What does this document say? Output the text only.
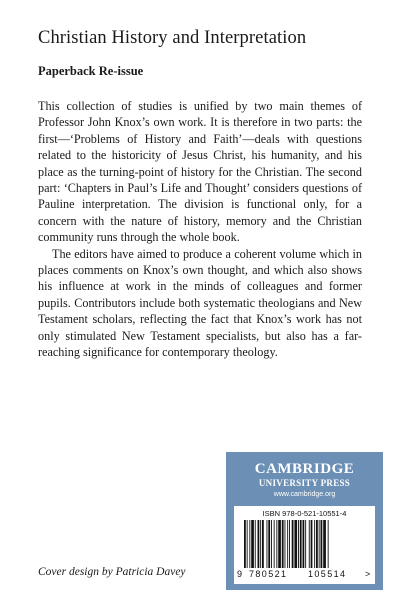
Christian History and Interpretation
Paperback Re-issue

This collection of studies is unified by two main themes of Professor John Knox’s own work. It is therefore in two parts: the first—‘Problems of History and Faith’—deals with questions related to the historicity of Jesus Christ, his humanity, and his place as the turning-point of history for the Christian. The second part: ‘Chapters in Paul’s Life and Thought’ considers questions of Pauline interpretation. The division is functional only, for a concern with the nature of history, memory and the Christian community runs through the whole book.

The editors have aimed to produce a coherent volume which in places comments on Knox’s own thought, and which also shows his influence at work in the minds of colleagues and former pupils. Contributors include both systematic theologians and New Testament scholars, reflecting the fact that Knox’s work has not only stimulated New Testament specialists, but also has a far-reaching significance for contemporary theology.

CAMBRIDGE
UNIVERSITY PRESS
www.cambridge.org
ISBN 978-0-521-10551-4
9 780521 105514 >
Cover design by Patricia Davey
